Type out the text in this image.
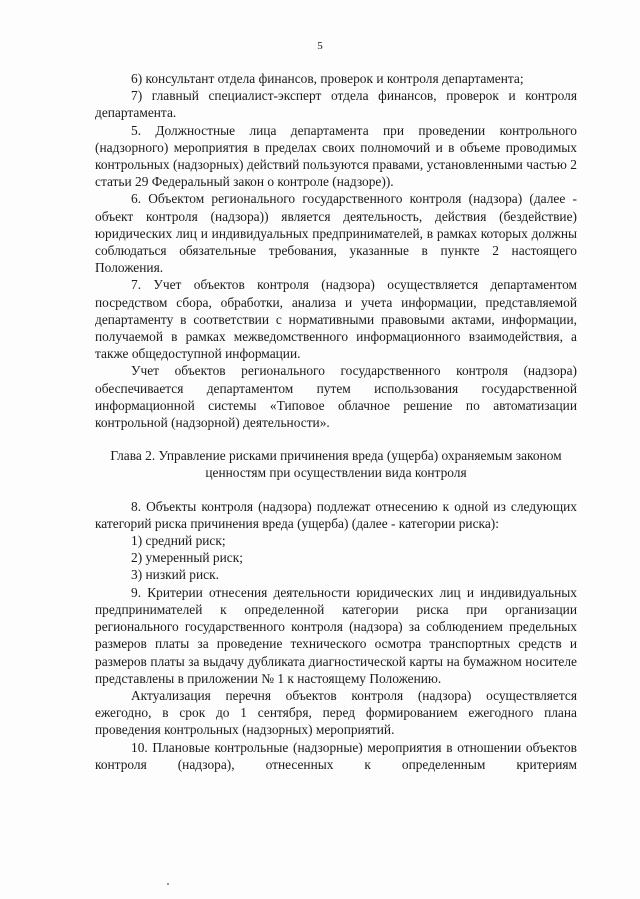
5

6) консультант отдела финансов, проверок и контроля департамента;

7) главный специалист-эксперт отдела финансов, проверок и контроля департамента.

5. Должностные лица департамента при проведении контрольного (надзорного) мероприятия в пределах своих полномочий и в объеме проводимых контрольных (надзорных) действий пользуются правами, установленными частью 2 статьи 29 Федеральный закон о контроле (надзоре)).

6. Объектом регионального государственного контроля (надзора) (далее - объект контроля (надзора)) является деятельность, действия (бездействие) юридических лиц и индивидуальных предпринимателей, в рамках которых должны соблюдаться обязательные требования, указанные в пункте 2 настоящего Положения.

7. Учет объектов контроля (надзора) осуществляется департаментом посредством сбора, обработки, анализа и учета информации, представляемой департаменту в соответствии с нормативными правовыми актами, информации, получаемой в рамках межведомственного информационного взаимодействия, а также общедоступной информации.

Учет объектов регионального государственного контроля (надзора) обеспечивается департаментом путем использования государственной информационной системы «Типовое облачное решение по автоматизации контрольной (надзорной) деятельности».

Глава 2. Управление рисками причинения вреда (ущерба) охраняемым законом ценностям при осуществлении вида контроля

8. Объекты контроля (надзора) подлежат отнесению к одной из следующих категорий риска причинения вреда (ущерба) (далее - категории риска):

1) средний риск;

2) умеренный риск;

3) низкий риск.

9. Критерии отнесения деятельности юридических лиц и индивидуальных предпринимателей к определенной категории риска при организации регионального государственного контроля (надзора) за соблюдением предельных размеров платы за проведение технического осмотра транспортных средств и размеров платы за выдачу дубликата диагностической карты на бумажном носителе представлены в приложении № 1 к настоящему Положению.

Актуализация перечня объектов контроля (надзора) осуществляется ежегодно, в срок до 1 сентября, перед формированием ежегодного плана проведения контрольных (надзорных) мероприятий.

10. Плановые контрольные (надзорные) мероприятия в отношении объектов контроля (надзора), отнесенных к определенным критериям
